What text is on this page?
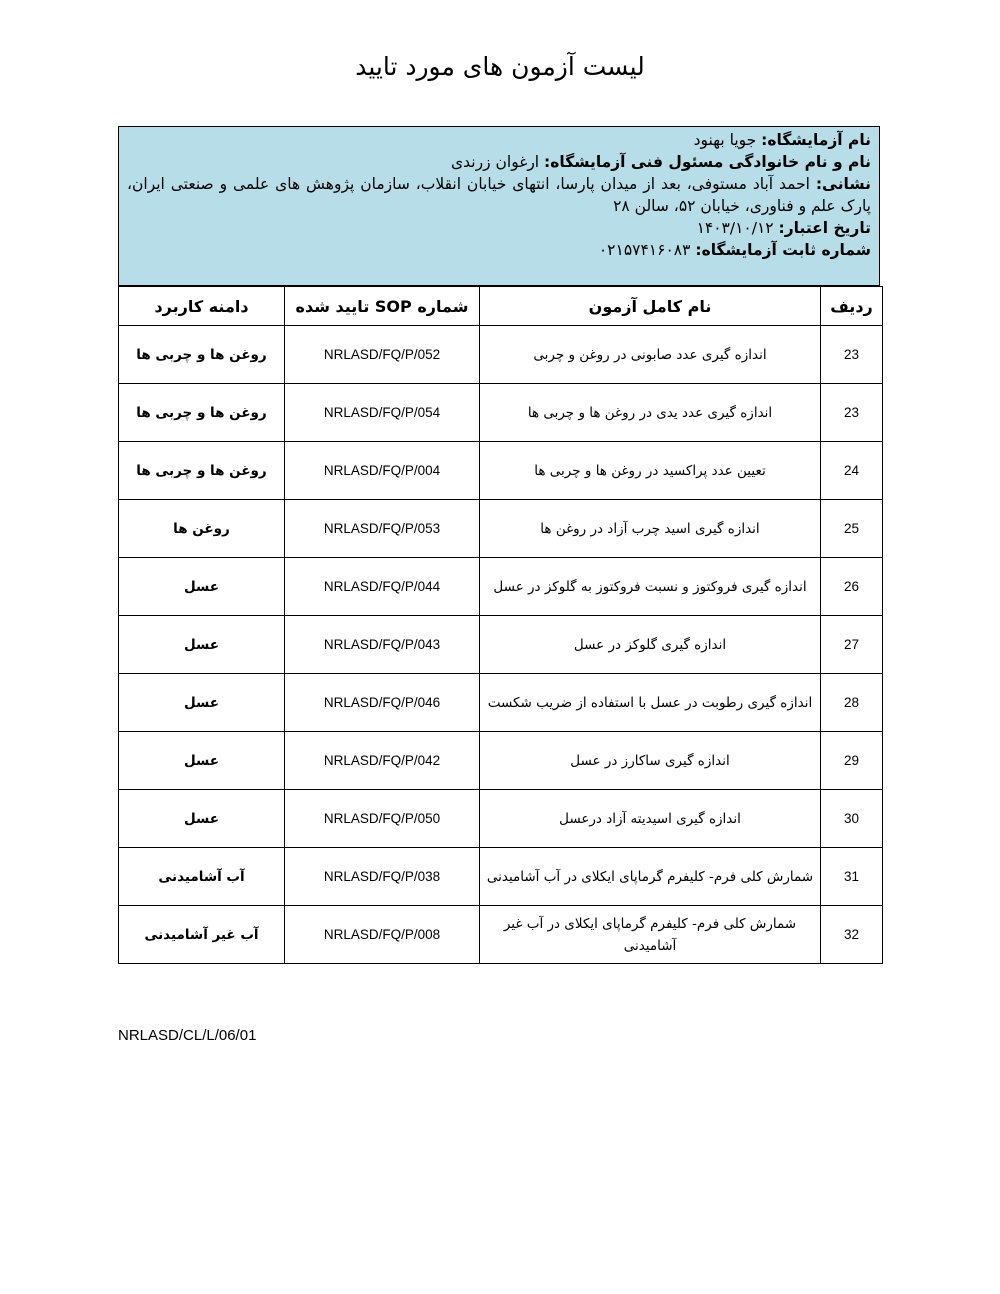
لیست آزمون های مورد تایید
نام آزمایشگاه: جویا بهنود
نام و نام خانوادگی مسئول فنی آزمایشگاه: ارغوان زرندی
نشانی: احمد آباد مستوفی، بعد از میدان پارسا، انتهای خیابان انقلاب، سازمان پژوهش های علمی و صنعتی ایران، پارک علم و فناوری، خیابان ۵۲، سالن ۲۸
تاریخ اعتبار: ۱۴۰۳/۱۰/۱۲
شماره ثابت آزمایشگاه: ۰۲۱۵۷۴۱۶۰۸۳
ردیف	نام کامل آزمون	شماره SOP تایید شده	دامنه کاربرد
23	اندازه گیری عدد صابونی در روغن و چربی	NRLASD/FQ/P/052	روغن ها و چربی ها
23	اندازه گیری عدد یدی در روغن ها و چربی ها	NRLASD/FQ/P/054	روغن ها و چربی ها
24	تعیین عدد پراکسید در روغن ها و چربی ها	NRLASD/FQ/P/004	روغن ها و چربی ها
25	اندازه گیری اسید چرب آزاد در روغن ها	NRLASD/FQ/P/053	روغن ها
26	اندازه گیری فروکتوز و نسبت فروکتوز به گلوکز در عسل	NRLASD/FQ/P/044	عسل
27	اندازه گیری گلوکز در عسل	NRLASD/FQ/P/043	عسل
28	اندازه گیری رطوبت در عسل با استفاده از ضریب شکست	NRLASD/FQ/P/046	عسل
29	اندازه گیری ساکارز در عسل	NRLASD/FQ/P/042	عسل
30	اندازه گیری اسیدیته آزاد درعسل	NRLASD/FQ/P/050	عسل
31	شمارش کلی فرم- کلیفرم گرماپای ایکلای در آب آشامیدنی	NRLASD/FQ/P/038	آب آشامیدنی
32	شمارش کلی فرم- کلیفرم گرماپای ایکلای در آب غیر آشامیدنی	NRLASD/FQ/P/008	آب غیر آشامیدنی
NRLASD/CL/L/06/01
